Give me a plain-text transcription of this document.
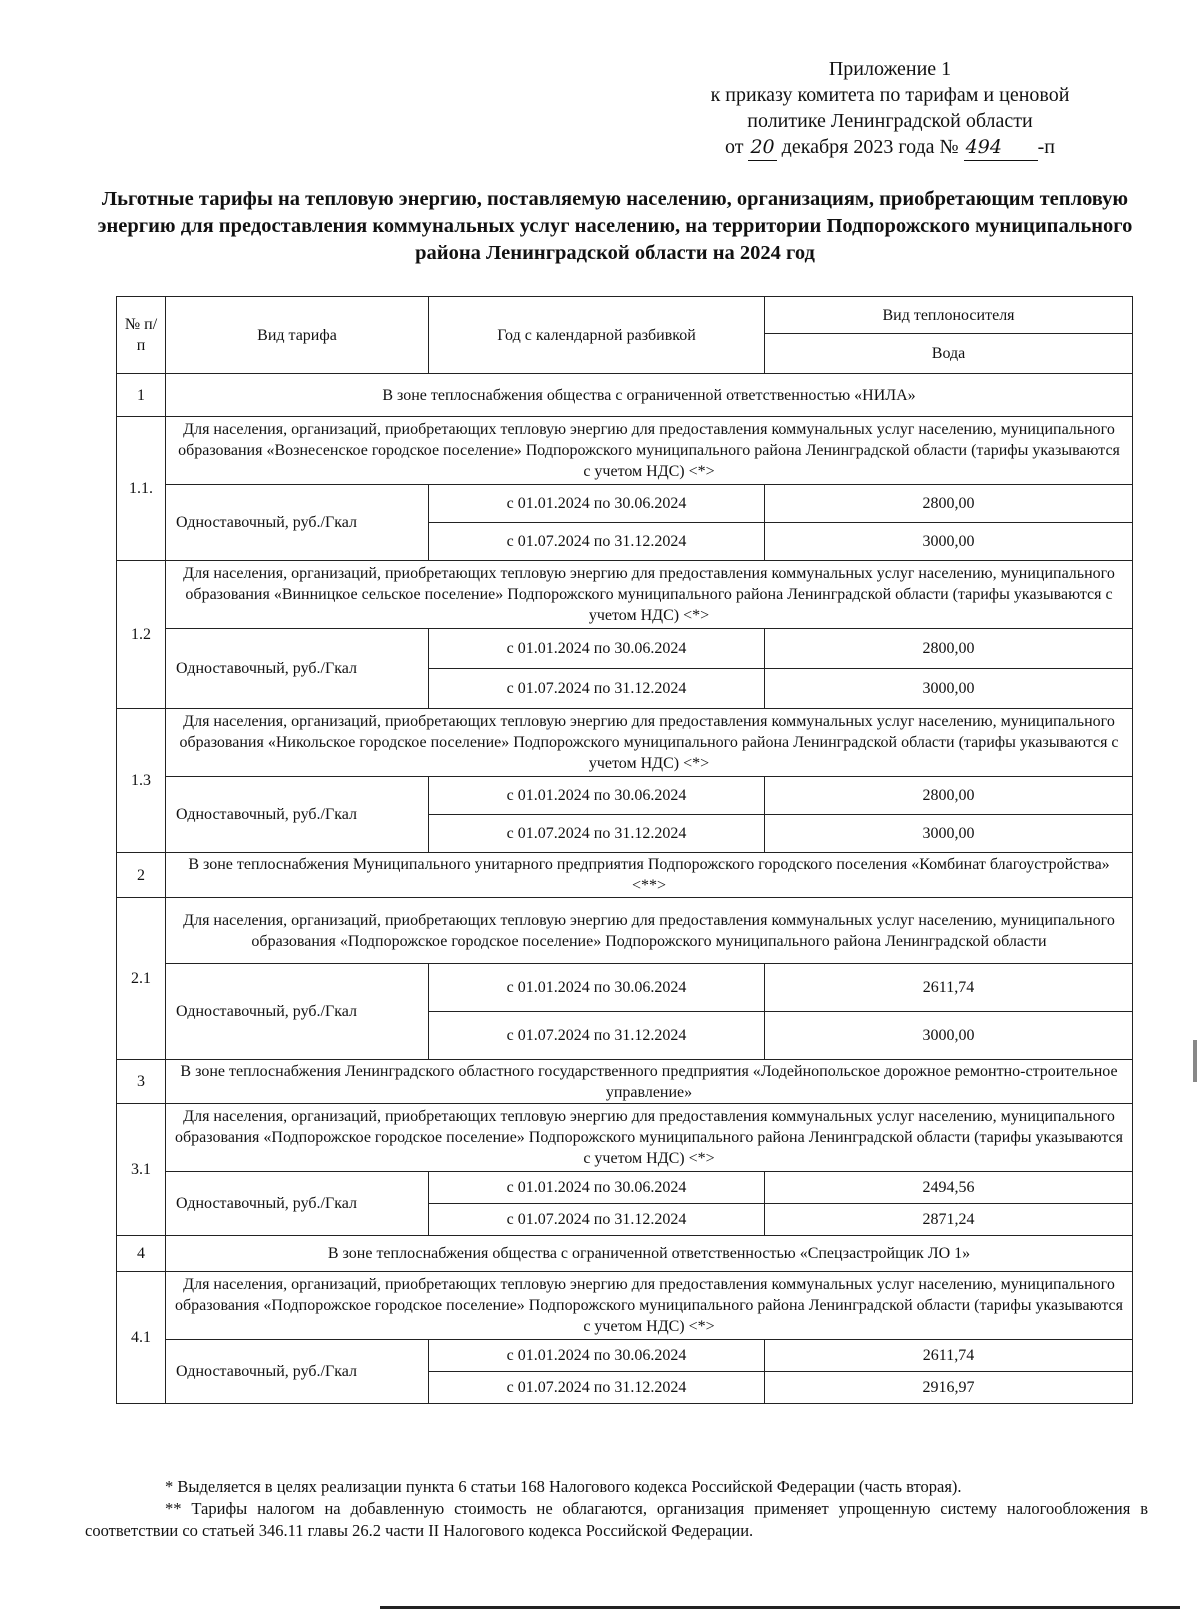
Приложение 1
к приказу комитета по тарифам и ценовой
политике Ленинградской области
от 20 декабря 2023 года № 494 -п
Льготные тарифы на тепловую энергию, поставляемую населению, организациям, приобретающим тепловую энергию для предоставления коммунальных услуг населению, на территории Подпорожского муниципального района Ленинградской области на 2024 год
№ п/п	Вид тарифа	Год с календарной разбивкой	Вид теплоносителя
			Вода
1	В зоне теплоснабжения общества с ограниченной ответственностью «НИЛА»		
1.1.	Для населения, организаций, приобретающих тепловую энергию для предоставления коммунальных услуг населению, муниципального образования «Вознесенское городское поселение» Подпорожского муниципального района Ленинградской области (тарифы указываются с учетом НДС) <*>		
	Одноставочный, руб./Гкал	с 01.01.2024 по 30.06.2024	2800,00
		с 01.07.2024 по 31.12.2024	3000,00
1.2	Для населения, организаций, приобретающих тепловую энергию для предоставления коммунальных услуг населению, муниципального образования «Винницкое сельское поселение» Подпорожского муниципального района Ленинградской области (тарифы указываются с учетом НДС) <*>		
	Одноставочный, руб./Гкал	с 01.01.2024 по 30.06.2024	2800,00
		с 01.07.2024 по 31.12.2024	3000,00
1.3	Для населения, организаций, приобретающих тепловую энергию для предоставления коммунальных услуг населению, муниципального образования «Никольское городское поселение» Подпорожского муниципального района Ленинградской области (тарифы указываются с учетом НДС) <*>		
	Одноставочный, руб./Гкал	с 01.01.2024 по 30.06.2024	2800,00
		с 01.07.2024 по 31.12.2024	3000,00
2	В зоне теплоснабжения Муниципального унитарного предприятия Подпорожского городского поселения «Комбинат благоустройства» <**>		
2.1	Для населения, организаций, приобретающих тепловую энергию для предоставления коммунальных услуг населению, муниципального образования «Подпорожское городское поселение» Подпорожского муниципального района Ленинградской области		
	Одноставочный, руб./Гкал	с 01.01.2024 по 30.06.2024	2611,74
		с 01.07.2024 по 31.12.2024	3000,00
3	В зоне теплоснабжения Ленинградского областного государственного предприятия «Лодейнопольское дорожное ремонтно-строительное управление»		
3.1	Для населения, организаций, приобретающих тепловую энергию для предоставления коммунальных услуг населению, муниципального образования «Подпорожское городское поселение» Подпорожского муниципального района Ленинградской области (тарифы указываются с учетом НДС) <*>		
	Одноставочный, руб./Гкал	с 01.01.2024 по 30.06.2024	2494,56
		с 01.07.2024 по 31.12.2024	2871,24
4	В зоне теплоснабжения общества с ограниченной ответственностью «Спецзастройщик ЛО 1»		
4.1	Для населения, организаций, приобретающих тепловую энергию для предоставления коммунальных услуг населению, муниципального образования «Подпорожское городское поселение» Подпорожского муниципального района Ленинградской области (тарифы указываются с учетом НДС) <*>		
	Одноставочный, руб./Гкал	с 01.01.2024 по 30.06.2024	2611,74
		с 01.07.2024 по 31.12.2024	2916,97

* Выделяется в целях реализации пункта 6 статьи 168 Налогового кодекса Российской Федерации (часть вторая).

** Тарифы налогом на добавленную стоимость не облагаются, организация применяет упрощенную систему налогообложения в соответствии со статьей 346.11 главы 26.2 части II Налогового кодекса Российской Федерации.
